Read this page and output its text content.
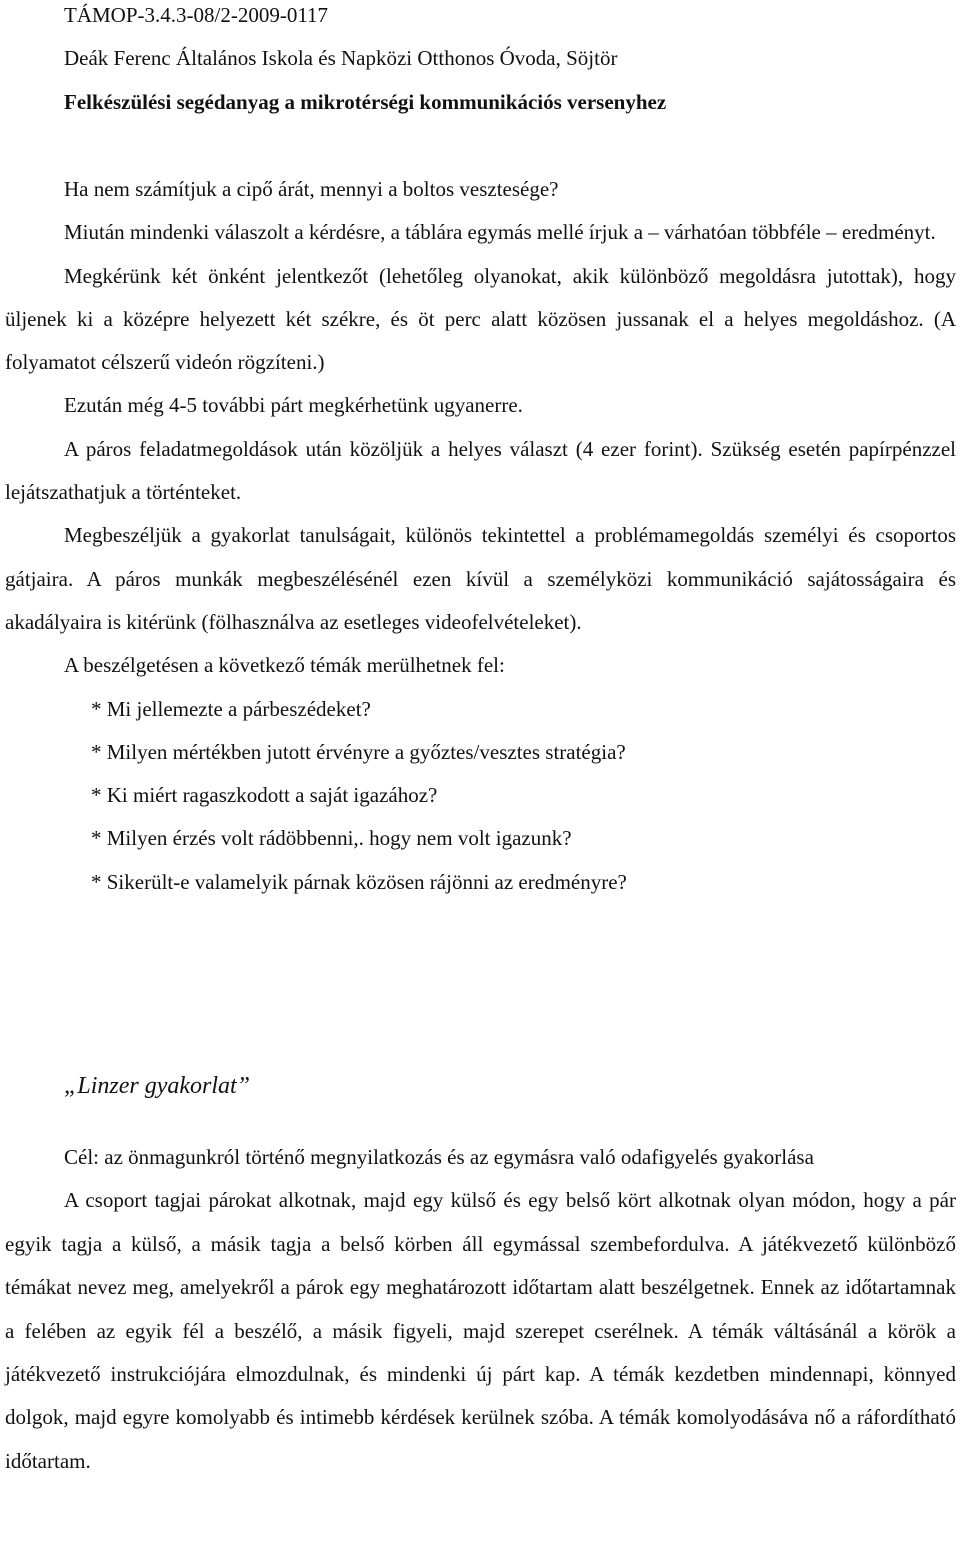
TÁMOP-3.4.3-08/2-2009-0117
Deák Ferenc Általános Iskola és Napközi Otthonos Óvoda, Söjtör
Felkészülési segédanyag a mikrotérségi kommunikációs versenyhez

Ha nem számítjuk a cipő árát, mennyi a boltos vesztesége?

Miután mindenki válaszolt a kérdésre, a táblára egymás mellé írjuk a – várhatóan többféle – eredményt.

Megkérünk két önként jelentkezőt (lehetőleg olyanokat, akik különböző megoldásra jutottak), hogy üljenek ki a középre helyezett két székre, és öt perc alatt közösen jussanak el a helyes megoldáshoz. (A folyamatot célszerű videón rögzíteni.)

Ezután még 4-5 további párt megkérhetünk ugyanerre.

A páros feladatmegoldások után közöljük a helyes választ (4 ezer forint). Szükség esetén papírpénzzel lejátszathatjuk a történteket.

Megbeszéljük a gyakorlat tanulságait, különös tekintettel a problémamegoldás személyi és csoportos gátjaira. A páros munkák megbeszélésénél ezen kívül a személyközi kommunikáció sajátosságaira és akadályaira is kitérünk (fölhasználva az esetleges videofelvételeket).

A beszélgetésen a következő témák merülhetnek fel:

* Mi jellemezte a párbeszédeket?

* Milyen mértékben jutott érvényre a győztes/vesztes stratégia?

* Ki miért ragaszkodott a saját igazához?

* Milyen érzés volt rádöbbenni,. hogy nem volt igazunk?

* Sikerült-e valamelyik párnak közösen rájönni az eredményre?

„Linzer gyakorlat”

Cél: az önmagunkról történő megnyilatkozás és az egymásra való odafigyelés gyakorlása

A csoport tagjai párokat alkotnak, majd egy külső és egy belső kört alkotnak olyan módon, hogy a pár egyik tagja a külső, a másik tagja a belső körben áll egymással szembefordulva. A játékvezető különböző témákat nevez meg, amelyekről a párok egy meghatározott időtartam alatt beszélgetnek. Ennek az időtartamnak a felében az egyik fél a beszélő, a másik figyeli, majd szerepet cserélnek. A témák váltásánál a körök a játékvezető instrukciójára elmozdulnak, és mindenki új párt kap. A témák kezdetben mindennapi, könnyed dolgok, majd egyre komolyabb és intimebb kérdések kerülnek szóba. A témák komolyodásáva nő a ráfordítható időtartam.
